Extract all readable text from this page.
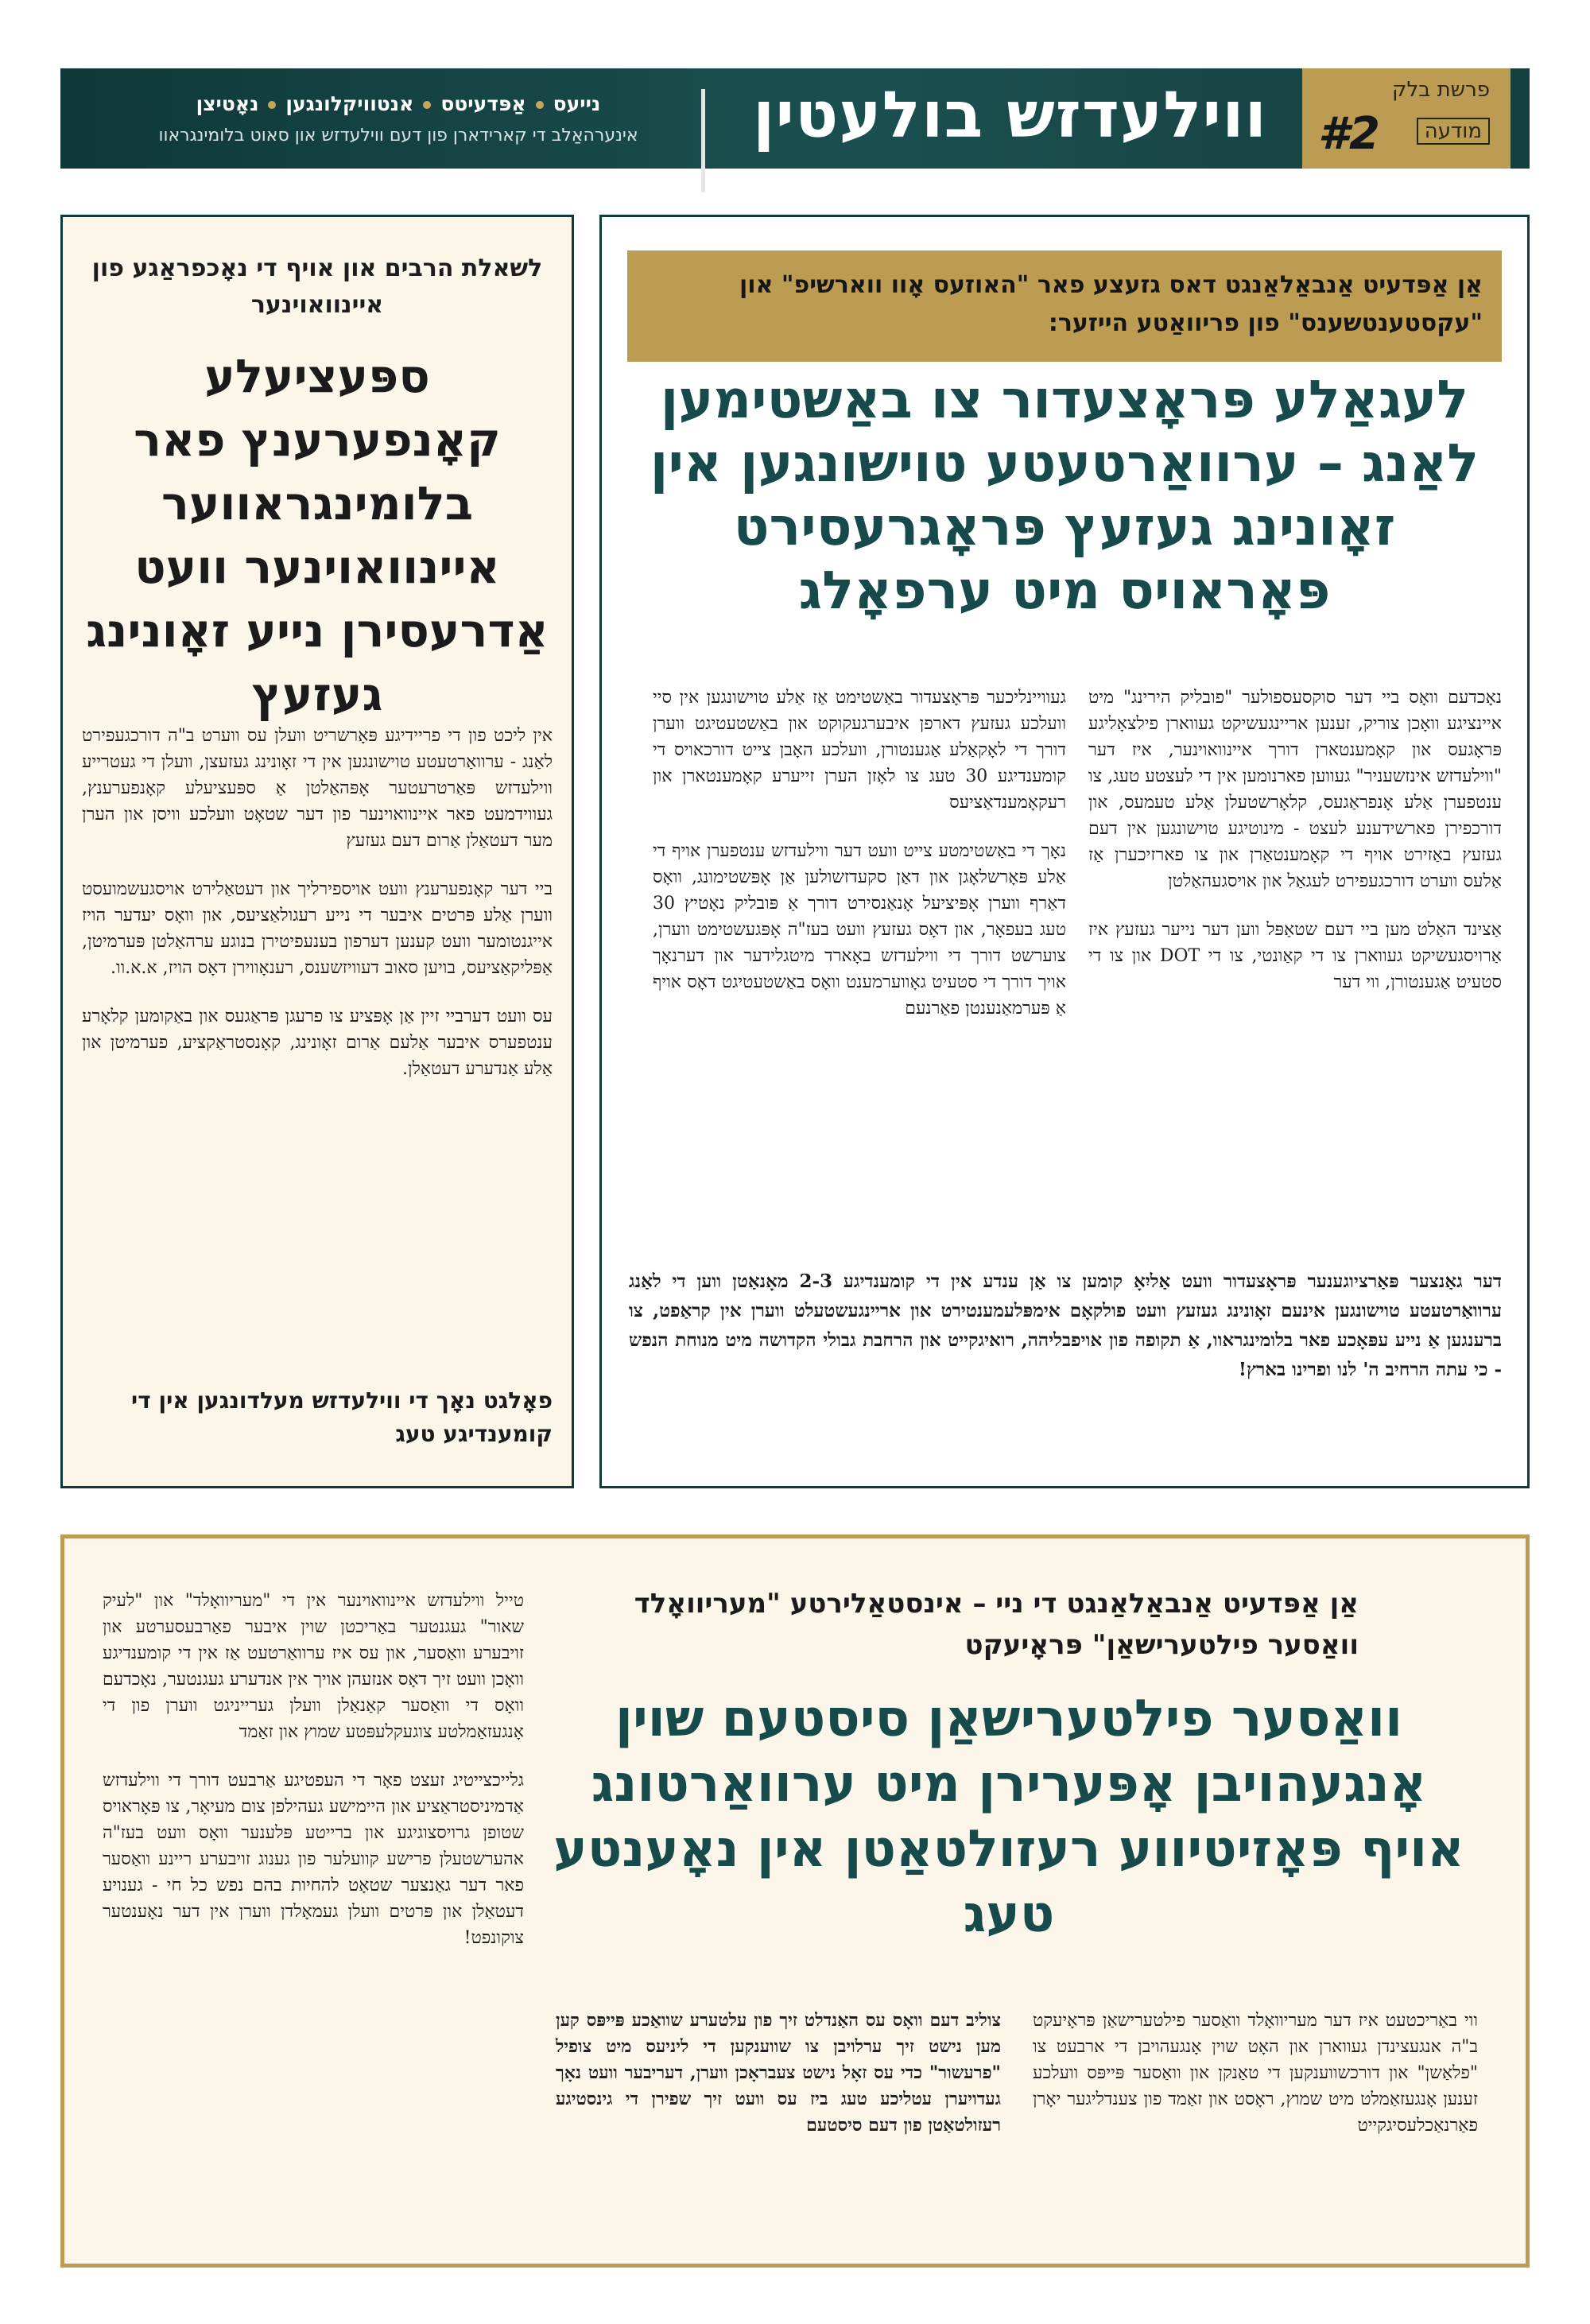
פרשת בלק
מודעה
#2
ווילעדזש בולעטין
נייעסאַפּדעיטסאנטוויקלונגעןנאָטיצן
אינערהאַלב די קארידארן פון דעם ווילעדזש און סאוט בלומינגראוו
אַן אַפּדעיט אַנבאַלאַנגט דאס גזעצע פאר "האוזעס אָוו ווארשיפ" און "עקסטענטשענס" פון פריוואַטע הייזער:
לעגאַלע פּראָצעדור צו באַשטימען לאַנג – ערוואַרטעטע טוישונגען אין זאָונינג געזעץ פּראָגרעסירט פּאָראויס מיט ערפאָלג

נאָכדעם וואָס ביי דער סוקסעספולער "פובליק הירינג" מיט איינציגע וואָכן צוריק, זענען אריינגעשיקט געווארן פילצאָליגע פּראָגעס און קאָמענטארן דורך איינוואוינער, איז דער "ווילעדזש אינזשעניר" געווען פארנומען אין די לעצטע טעג, צו ענטפערן אַלע אָנפראַגעס, קלאָרשטעלן אַלע טעמעס, און דורכפירן פארשידענע לעצט - מינוטיגע טוישונגען אין דעם געזעץ באַזירט אויף די קאָמענטאַרן און צו פארזיכערן אַז אַלעס ווערט דורכגעפירט לעגאַל און אויסגעהאַלטן

אַצינד האַלט מען ביי דעם שטאַפּל ווען דער נייער געזעץ איז אַרויסגעשיקט געווארן צו די קאַונטי, צו די DOT און צו די סטעיט אַגענטורן, ווי דער

געוויינליכער פּראָצעדור באַשטימט אַז אַלע טוישונגען אין סיי וועלכע געזעץ דארפן איבערגעקוקט און באַשטעטיגט ווערן דורך די לאָקאַלע אַגענטורן, וועלכע האָבן צייט דורכאויס די קומענדיגע 30 טעג צו לאָזן הערן זייערע קאָמענטארן און רעקאָמענדאַציעס

נאָך די באַשטימטע צייט וועט דער ווילעדזש ענטפערן אויף די אַלע פּאָרשלאָגן און דאַן סקעדזשולען אַן אָפּשטימונג, וואָס דאַרף ווערן אָפּיציעל אָנאַנסירט דורך אַ פּובליק נאָטיץ 30 טעג בעפאָר, און דאָס געזעץ וועט בעז"ה אָפּגעשטימט ווערן, צוערשט דורך די ווילעדזש באָארד מיטגלידער און דערנאָך אויך דורך די סטעיט גאָווערמענט וואָס באַשטעטיגט דאָס אויף אַ פּערמאַנענטן פאַרנעם

דער גאַנצער פּאַרציוגענער פּראָצעדור וועט אַליִאָ קומען צו אַן ענדע אין די קומענדיגע 2-3 מאָנאַטן ווען די לאַנג ערוואַרטעטע טוישונגען אינעם זאָונינג געזעץ וועט פולקאָם אימפּלעמענטירט און אריינגעשטעלט ווערן אין קראַפט, צו ברענגען אַ נייע עפּאָכע פאר בלומינגראוו, אַ תקופה פון אויפבליהה, רואיגקייט און הרחבת גבולי הקדושה מיט מנוחת הנפש - כי עתה הרחיב ה' לנו ופרינו בארץ!
לשאלת הרבים און אויף די נאָכפראַגע פון איינוואוינער
ספּעציעלע קאָנפערענץ פאר בלומינגראווער איינוואוינער וועט אַדרעסירן נייע זאָונינג געזעץ

אין ליכט פון די פריידיגע פּאָרשריט וועלן עס ווערט ב"ה דורכגעפירט לאַנג - ערוואַרטעטע טוישונגען אין די זאָונינג געזעצן, וועלן די געטרייע ווילעדזש פּאַרטרעטער אָפּהאַלטן אַ ספּעציעלע קאָנפערענץ, געווידמעט פאר איינוואוינער פון דער שטאָט וועלכע וויסן און הערן מער דעטאַלן אַרום דעם געזעץ

ביי דער קאָנפערענץ וועט אויספירליך און דעטאַלירט אויסגעשמועסט ווערן אַלע פּרטים איבער די נייע רעגולאַציעס, און וואָס יעדער הויז אייגנטומער וועט קענען דערפון בענעפיטירן בנוגע ערהאַלטן פּערמיטן, אַפּליקאַציעס, בויען סאוב דעוויזשענס, רענאָווירן דאָס הויז, א.א.וו.

עס וועט דערביי זיין אַן אָפּציע צו פרעגן פּראַגעס און באַקומען קלאָרע ענטפערס איבער אַלעם אַרום זאָונינג, קאָנסטראַקציע, פערמיטן און אַלע אַנדערע דעטאַלן.

פאָלגט נאָך די ווילעדזש מעלדונגען אין די קומענדיגע טעג
אַן אַפּדעיט אַנבאַלאַנגט די ניי – אינסטאַלירטע "מעריוואָלד וואַסער פילטערישאַן" פּראָיעקט
וואַסער פילטערישאַן סיסטעם שוין אָנגעהויבן אָפּערירן מיט ערוואַרטונג אויף פּאָזיטיווע רעזולטאַטן אין נאָענטע טעג

ווי באַריכטעט איז דער מעריוואָלד וואַסער פילטערישאַן פּראָיעקט ב"ה אנגעצינדן געווארן און האָט שוין אָנגעהויבן די ארבעט צו "פלאַשן" און דורכשווענקען די טאַנקן און וואַסער פּייפּס וועלכע זענען אָנגעזאַמלט מיט שמוץ, ראָסט און זאַמד פון צענדליגער יאָרן פאַרנאַכלעסיגקייט

צוליב דעם וואָס עס האַנדלט זיך פון עלטערע שוואַכע פּייפּס קען מען נישט זיך ערלויבן צו שווענקען די ליניעס מיט צופיל "פרעשור" כדי עס זאָל נישט צעבראָכן ווערן, דעריבער וועט נאָך געדויערן עטליכע טעג ביז עס וועט זיך שפירן די גינסטיגע רעזולטאַטן פון דעם סיסטעם

טייל ווילעדזש איינוואוינער אין די "מעריוואָלד" און "לעיק שאור" געגנטער באַריכטן שוין איבער פאַרבעסערטע און זויבערע וואַסער, און עס איז ערוואַרטעט אַז אין די קומענדיגע וואָכן וועט זיך דאָס אנזעהן אויך אין אנדערע געגנטער, נאָכדעם וואָס די וואַסער קאַנאַלן וועלן גערייניגט ווערן פון די אָנגעזאַמלטע צוגעקלעפּטע שמוץ און זאַמד

גלייכצייטיג זעצט פאָר די העפטיגע אַרבעט דורך די ווילעדזש אַדמיניסטראַציע און היימישע געהילפן צום מעיאָר, צו פּאָראויס שטופן גרויסצוגיגע און ברייטע פּלענער וואָס וועט בעז"ה אהערשטעלן פרישע קוועלער פון גענוג זויבערע ריינע וואַסער פאר דער גאַנצער שטאָט להחיות בהם נפש כל חי - גענויע דעטאַלן און פּרטים וועלן געמאָלדן ווערן אין דער נאָענטער צוקונפט!
